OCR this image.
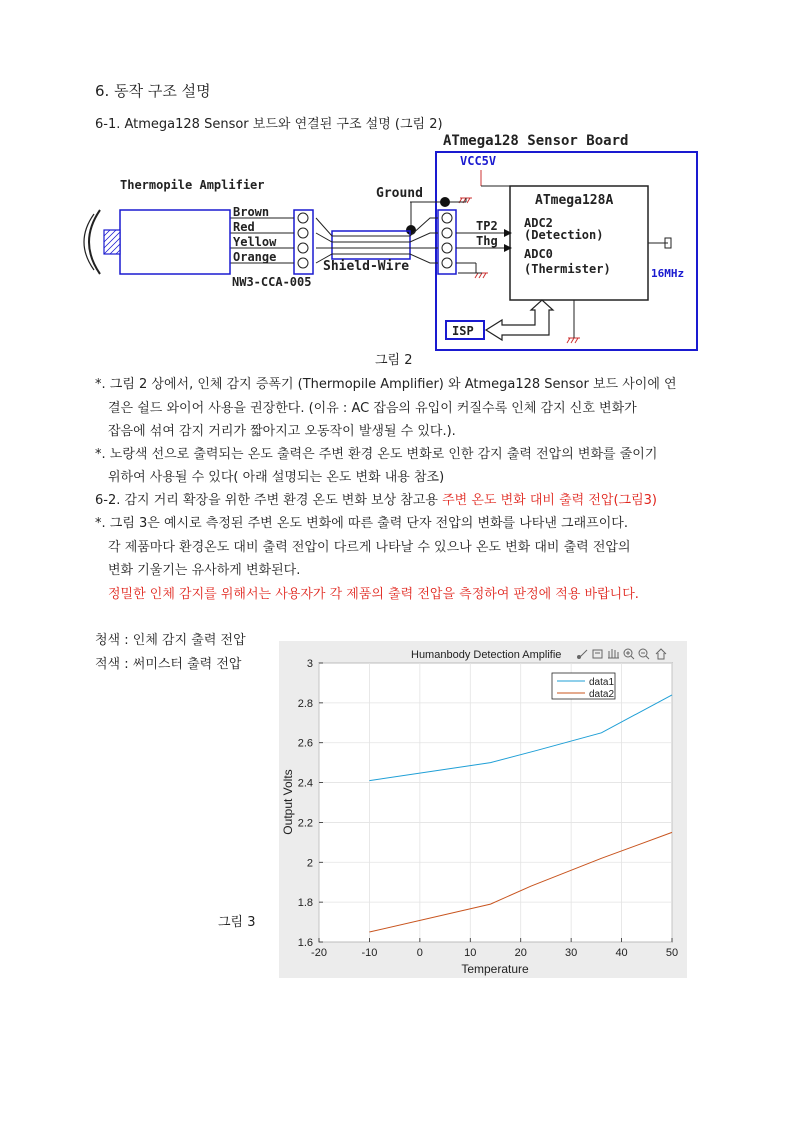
6. 동작 구조 설명
6-1. Atmega128 Sensor 보드와 연결된 구조 설명 (그림 2)
ATmega128 Sensor Board
VCC5V
ATmega128A
ADC2
(Detection)
ADC0
(Thermister)	16MHz
Ground
TP2
Thg
Shield-Wire
NW3-CCA-005
Brown
Red
Yellow
Orange
Thermopile Amplifier
ISP
그림 2
*. 그림 2 상에서, 인체 감지 증폭기 (Thermopile Amplifier) 와 Atmega128 Sensor 보드 사이에 연
결은 쉴드 와이어 사용을 권장한다. (이유 : AC 잡음의 유입이 커질수록 인체 감지 신호 변화가
잡음에 섞여 감지 거리가 짧아지고 오동작이 발생될 수 있다.).
*. 노랑색 선으로 출력되는 온도 출력은 주변 환경 온도 변화로 인한 감지 출력 전압의 변화를 줄이기
위하여 사용될 수 있다( 아래 설명되는 온도 변화 내용 참조)
6-2. 감지 거리 확장을 위한 주변 환경 온도 변화 보상 참고용 주변 온도 변화 대비 출력 전압(그림3)
*. 그림 3은 예시로 측정된 주변 온도 변화에 따른 출력 단자 전압의 변화를 나타낸 그래프이다.
각 제품마다 환경온도 대비 출력 전압이 다르게 나타날 수 있으나 온도 변화 대비 출력 전압의
변화 기울기는 유사하게 변화된다.
정밀한 인체 감지를 위해서는 사용자가 각 제품의 출력 전압을 측정하여 판정에 적용 바랍니다.
청색 : 인체 감지 출력 전압
적색 : 써미스터 출력 전압
그림 3
-20	-10	0	10	20	30	40	50
1.6
1.8
2
2.2
2.4
2.6
2.8
3
Humanbody Detection Amplifie
data1
data2
Temperature
Output Volts
